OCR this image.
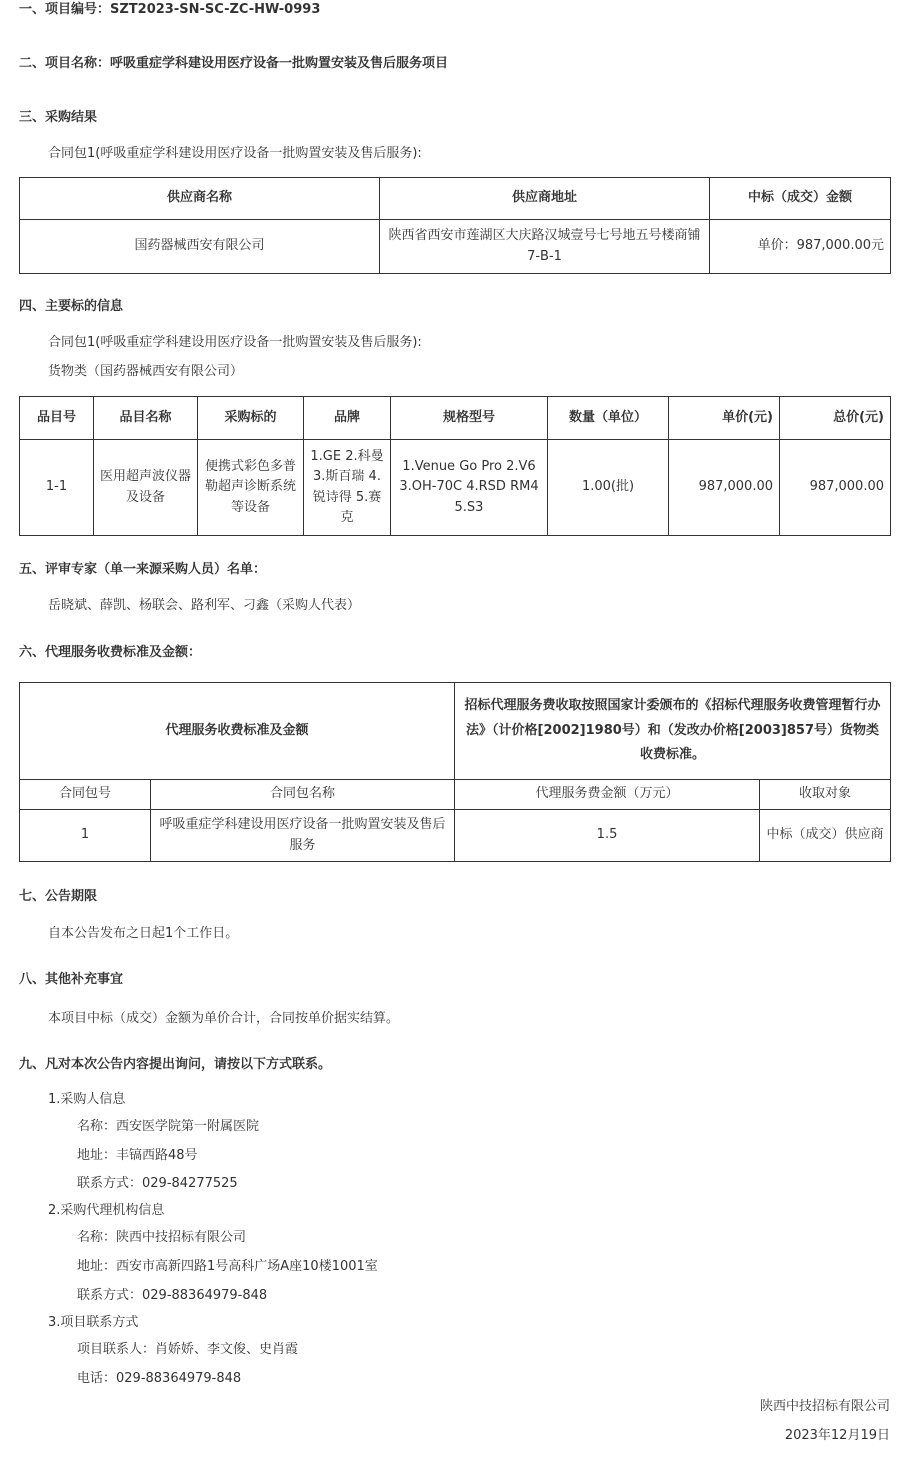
一、项目编号：SZT2023-SN-SC-ZC-HW-0993
二、项目名称：呼吸重症学科建设用医疗设备一批购置安装及售后服务项目
三、采购结果
合同包1(呼吸重症学科建设用医疗设备一批购置安装及售后服务):
供应商名称	供应商地址	中标（成交）金额
国药器械西安有限公司	陕西省西安市莲湖区大庆路汉城壹号七号地五号楼商铺7-B-1	单价：987,000.00元
四、主要标的信息
合同包1(呼吸重症学科建设用医疗设备一批购置安装及售后服务):
货物类（国药器械西安有限公司）
品目号	品目名称	采购标的	品牌	规格型号	数量（单位）	单价(元)	总价(元)
1-1	医用超声波仪器及设备	便携式彩色多普勒超声诊断系统等设备	1.GE 2.科曼 3.斯百瑞 4.锐诗得 5.赛克	1.Venue Go Pro 2.V6 3.OH-70C 4.RSD RM4 5.S3	1.00(批)	987,000.00	987,000.00
五、评审专家（单一来源采购人员）名单：
岳晓斌、薛凯、杨联会、路利军、刁鑫（采购人代表）
六、代理服务收费标准及金额：
代理服务收费标准及金额		招标代理服务费收取按照国家计委颁布的《招标代理服务收费管理暂行办法》（计价格[2002]1980号）和（发改办价格[2003]857号）货物类收费标准。	
合同包号	合同包名称	代理服务费金额（万元）	收取对象
1	呼吸重症学科建设用医疗设备一批购置安装及售后服务	1.5	中标（成交）供应商
七、公告期限
自本公告发布之日起1个工作日。
八、其他补充事宜
本项目中标（成交）金额为单价合计，合同按单价据实结算。
九、凡对本次公告内容提出询问，请按以下方式联系。
1.采购人信息
名称：西安医学院第一附属医院
地址：丰镐西路48号
联系方式：029-84277525
2.采购代理机构信息
名称：陕西中技招标有限公司
地址：西安市高新四路1号高科广场A座10楼1001室
联系方式：029-88364979-848
3.项目联系方式
项目联系人：肖娇娇、李文俊、史肖霞
电话：029-88364979-848
陕西中技招标有限公司
2023年12月19日
